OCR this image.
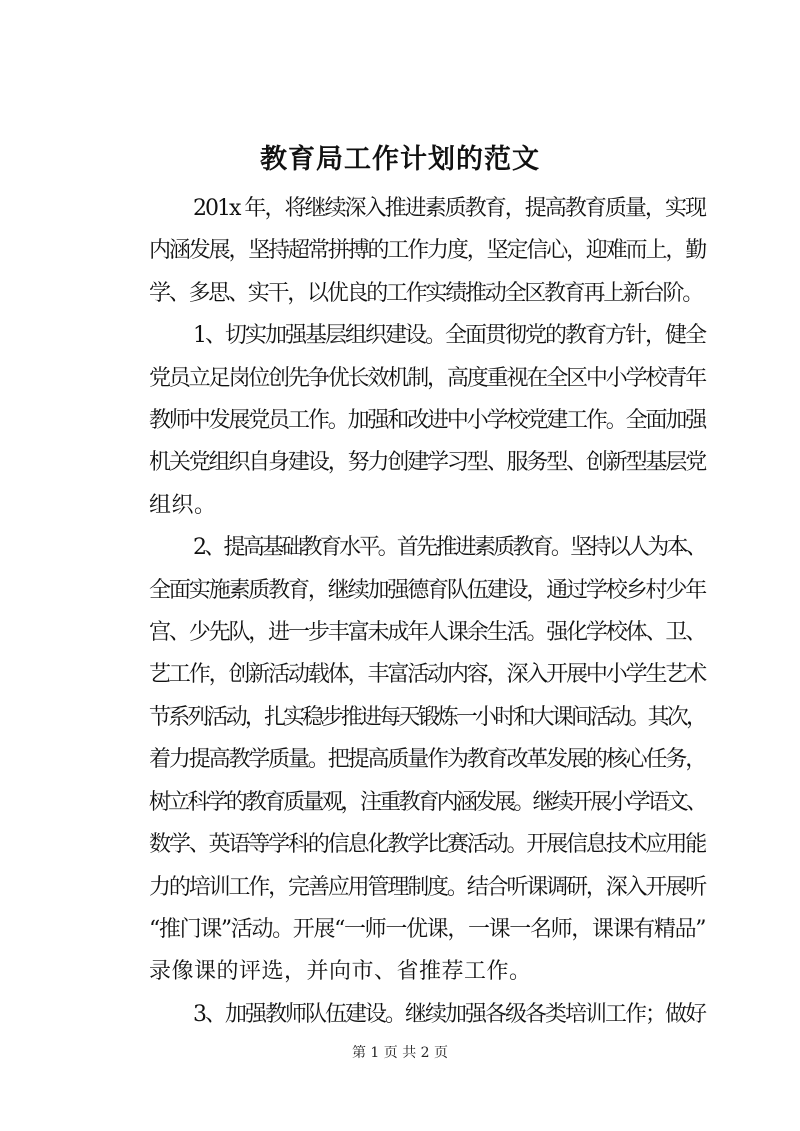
教育局工作计划的范文
201x 年，将继续深入推进素质教育，提高教育质量，实现
内涵发展，坚持超常拼搏的工作力度，坚定信心，迎难而上，勤
学、多思、实干，以优良的工作实绩推动全区教育再上新台阶。
1、切实加强基层组织建设。全面贯彻党的教育方针，健全
党员立足岗位创先争优长效机制，高度重视在全区中小学校青年
教师中发展党员工作。加强和改进中小学校党建工作。全面加强
机关党组织自身建设，努力创建学习型、服务型、创新型基层党
组织。
2、提高基础教育水平。首先推进素质教育。坚持以人为本、
全面实施素质教育，继续加强德育队伍建设，通过学校乡村少年
宫、少先队，进一步丰富未成年人课余生活。强化学校体、卫、
艺工作，创新活动载体，丰富活动内容，深入开展中小学生艺术
节系列活动，扎实稳步推进每天锻炼一小时和大课间活动。其次，
着力提高教学质量。把提高质量作为教育改革发展的核心任务，
树立科学的教育质量观，注重教育内涵发展。继续开展小学语文、
数学、英语等学科的信息化教学比赛活动。开展信息技术应用能
力的培训工作，完善应用管理制度。结合听课调研，深入开展听
“推门课”活动。开展“一师一优课，一课一名师，课课有精品”
录像课的评选，并向市、省推荐工作。
3、加强教师队伍建设。继续加强各级各类培训工作；做好
第 1 页 共 2 页
